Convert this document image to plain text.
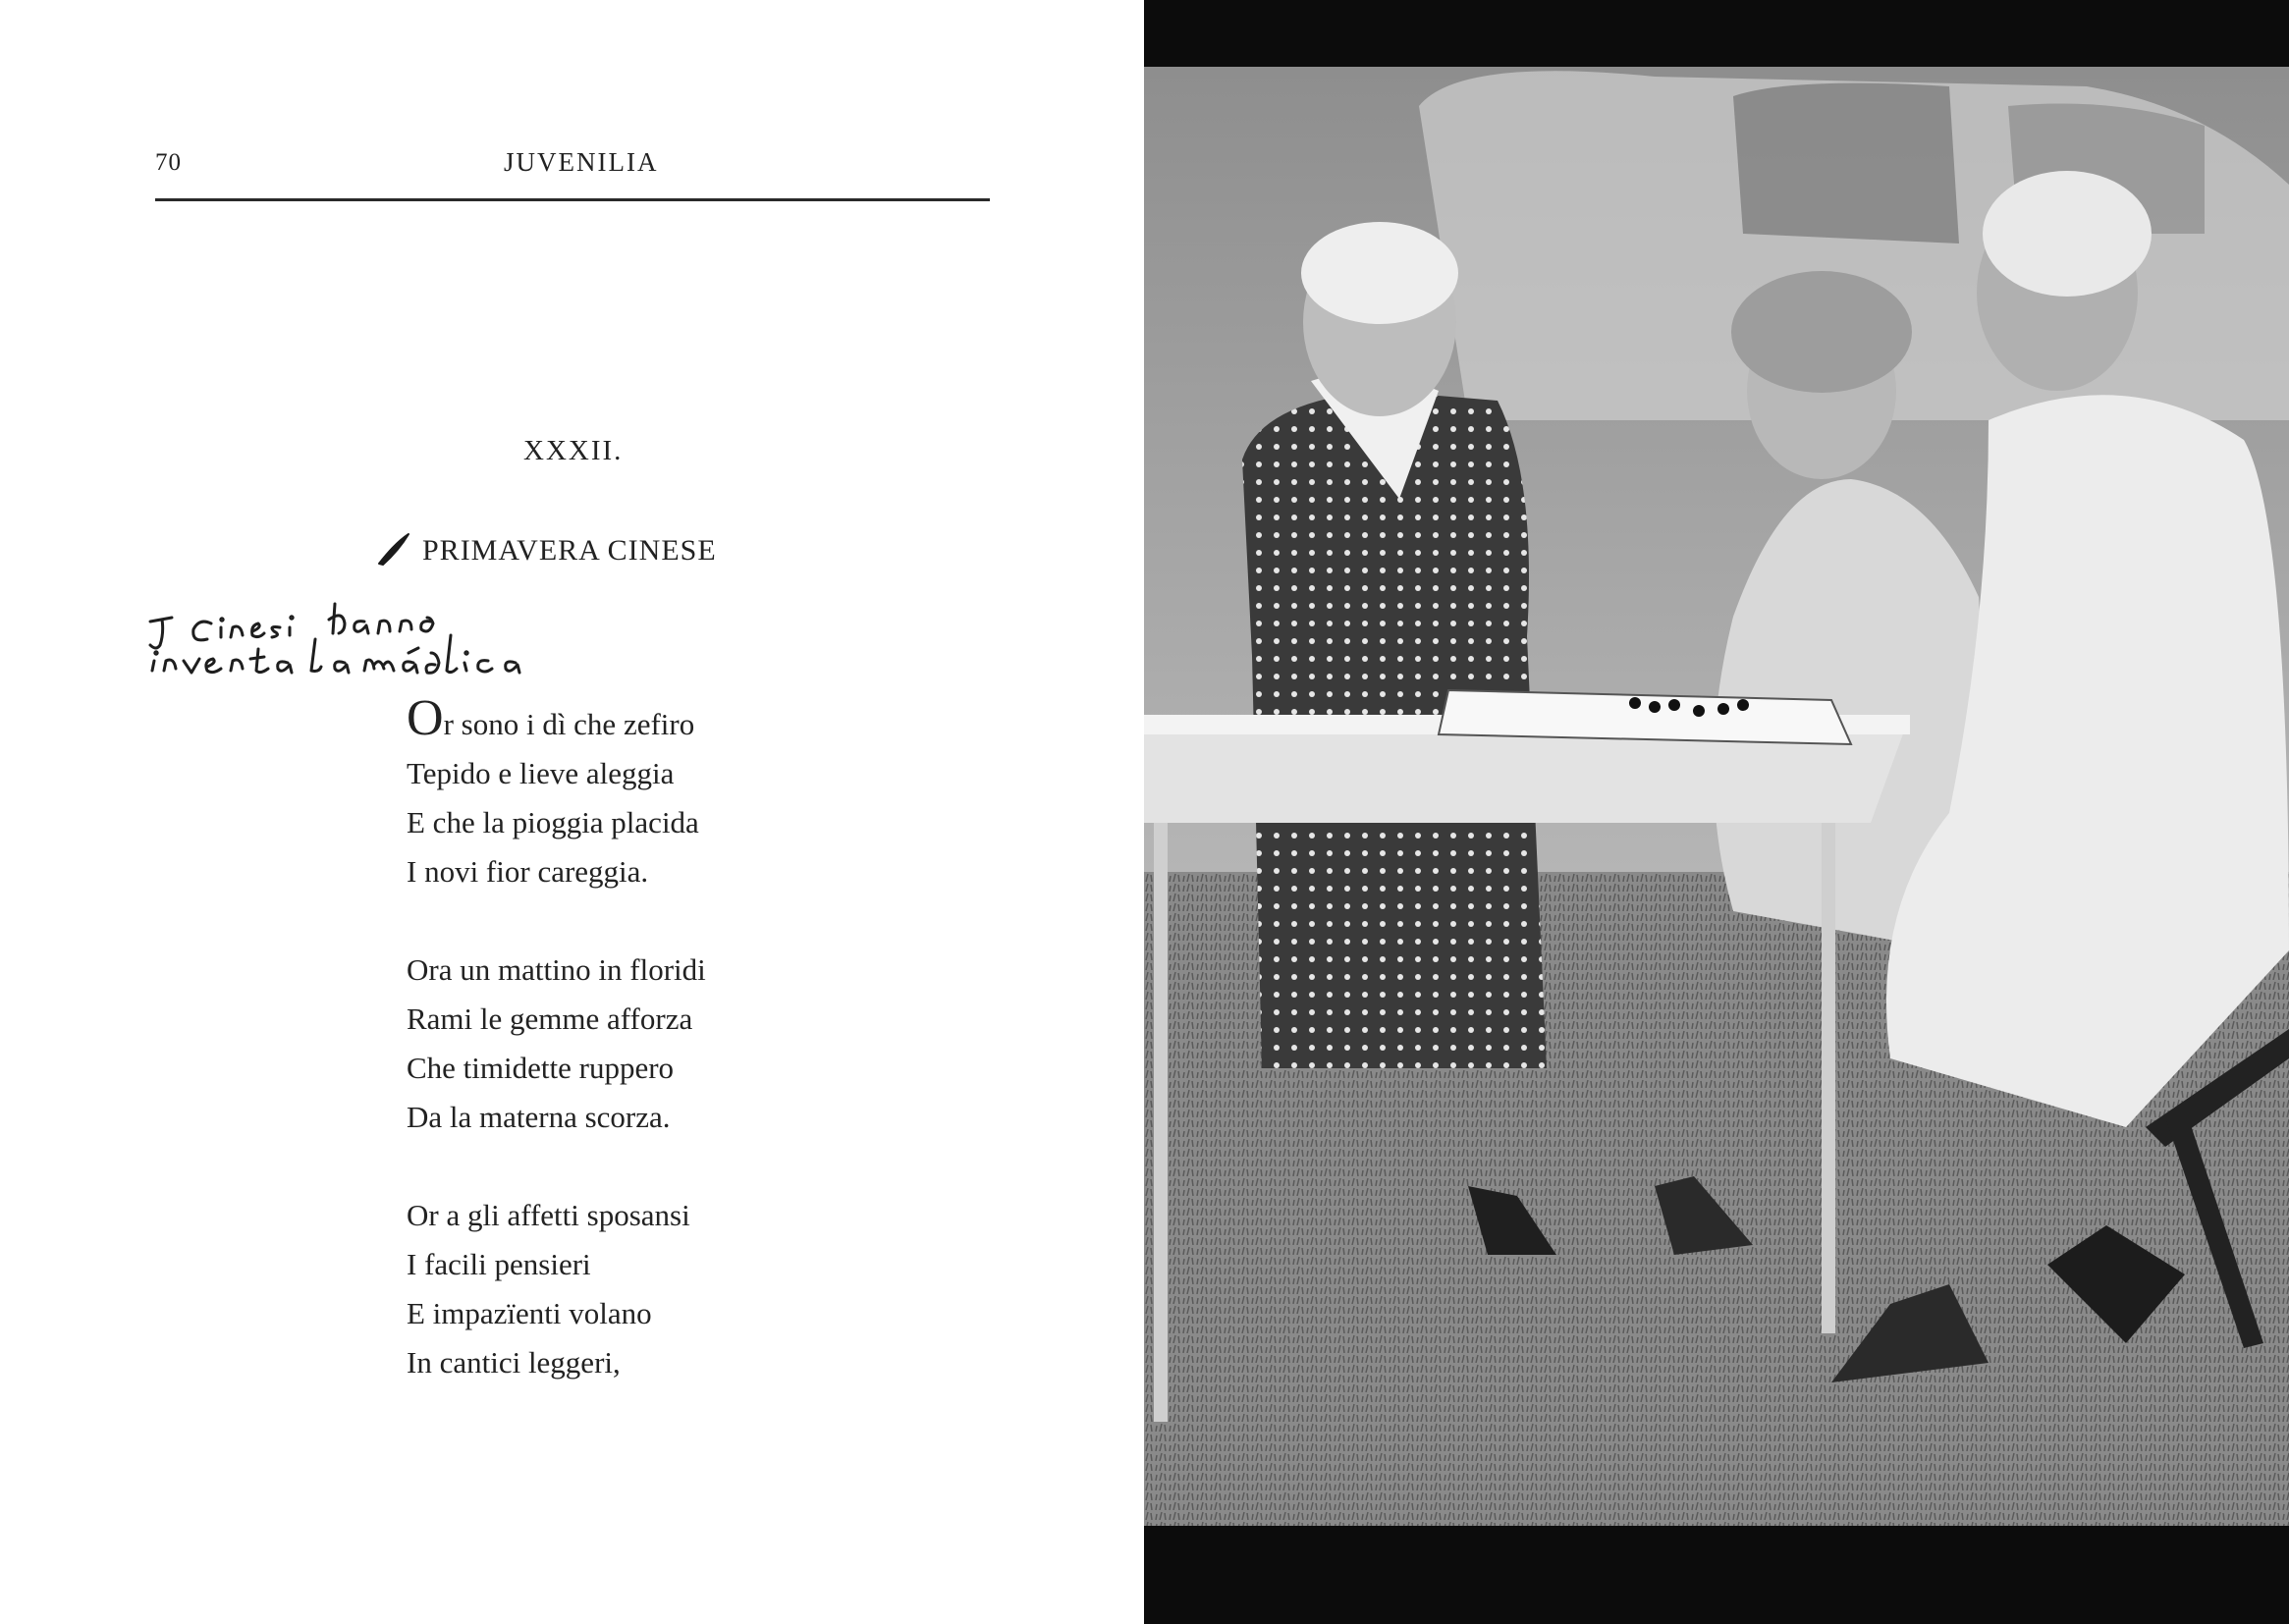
70	JUVENILIA
XXXII.
PRIMAVERA CINESE
Or sono i dì che zefiro
Tepido e lieve aleggia
E che la pioggia placida
I novi fior careggia.
Ora un mattino in floridi
Rami le gemme afforza
Che timidette ruppero
Da la materna scorza.
Or a gli affetti sposansi
I facili pensieri
E impazïenti volano
In cantici leggeri,
